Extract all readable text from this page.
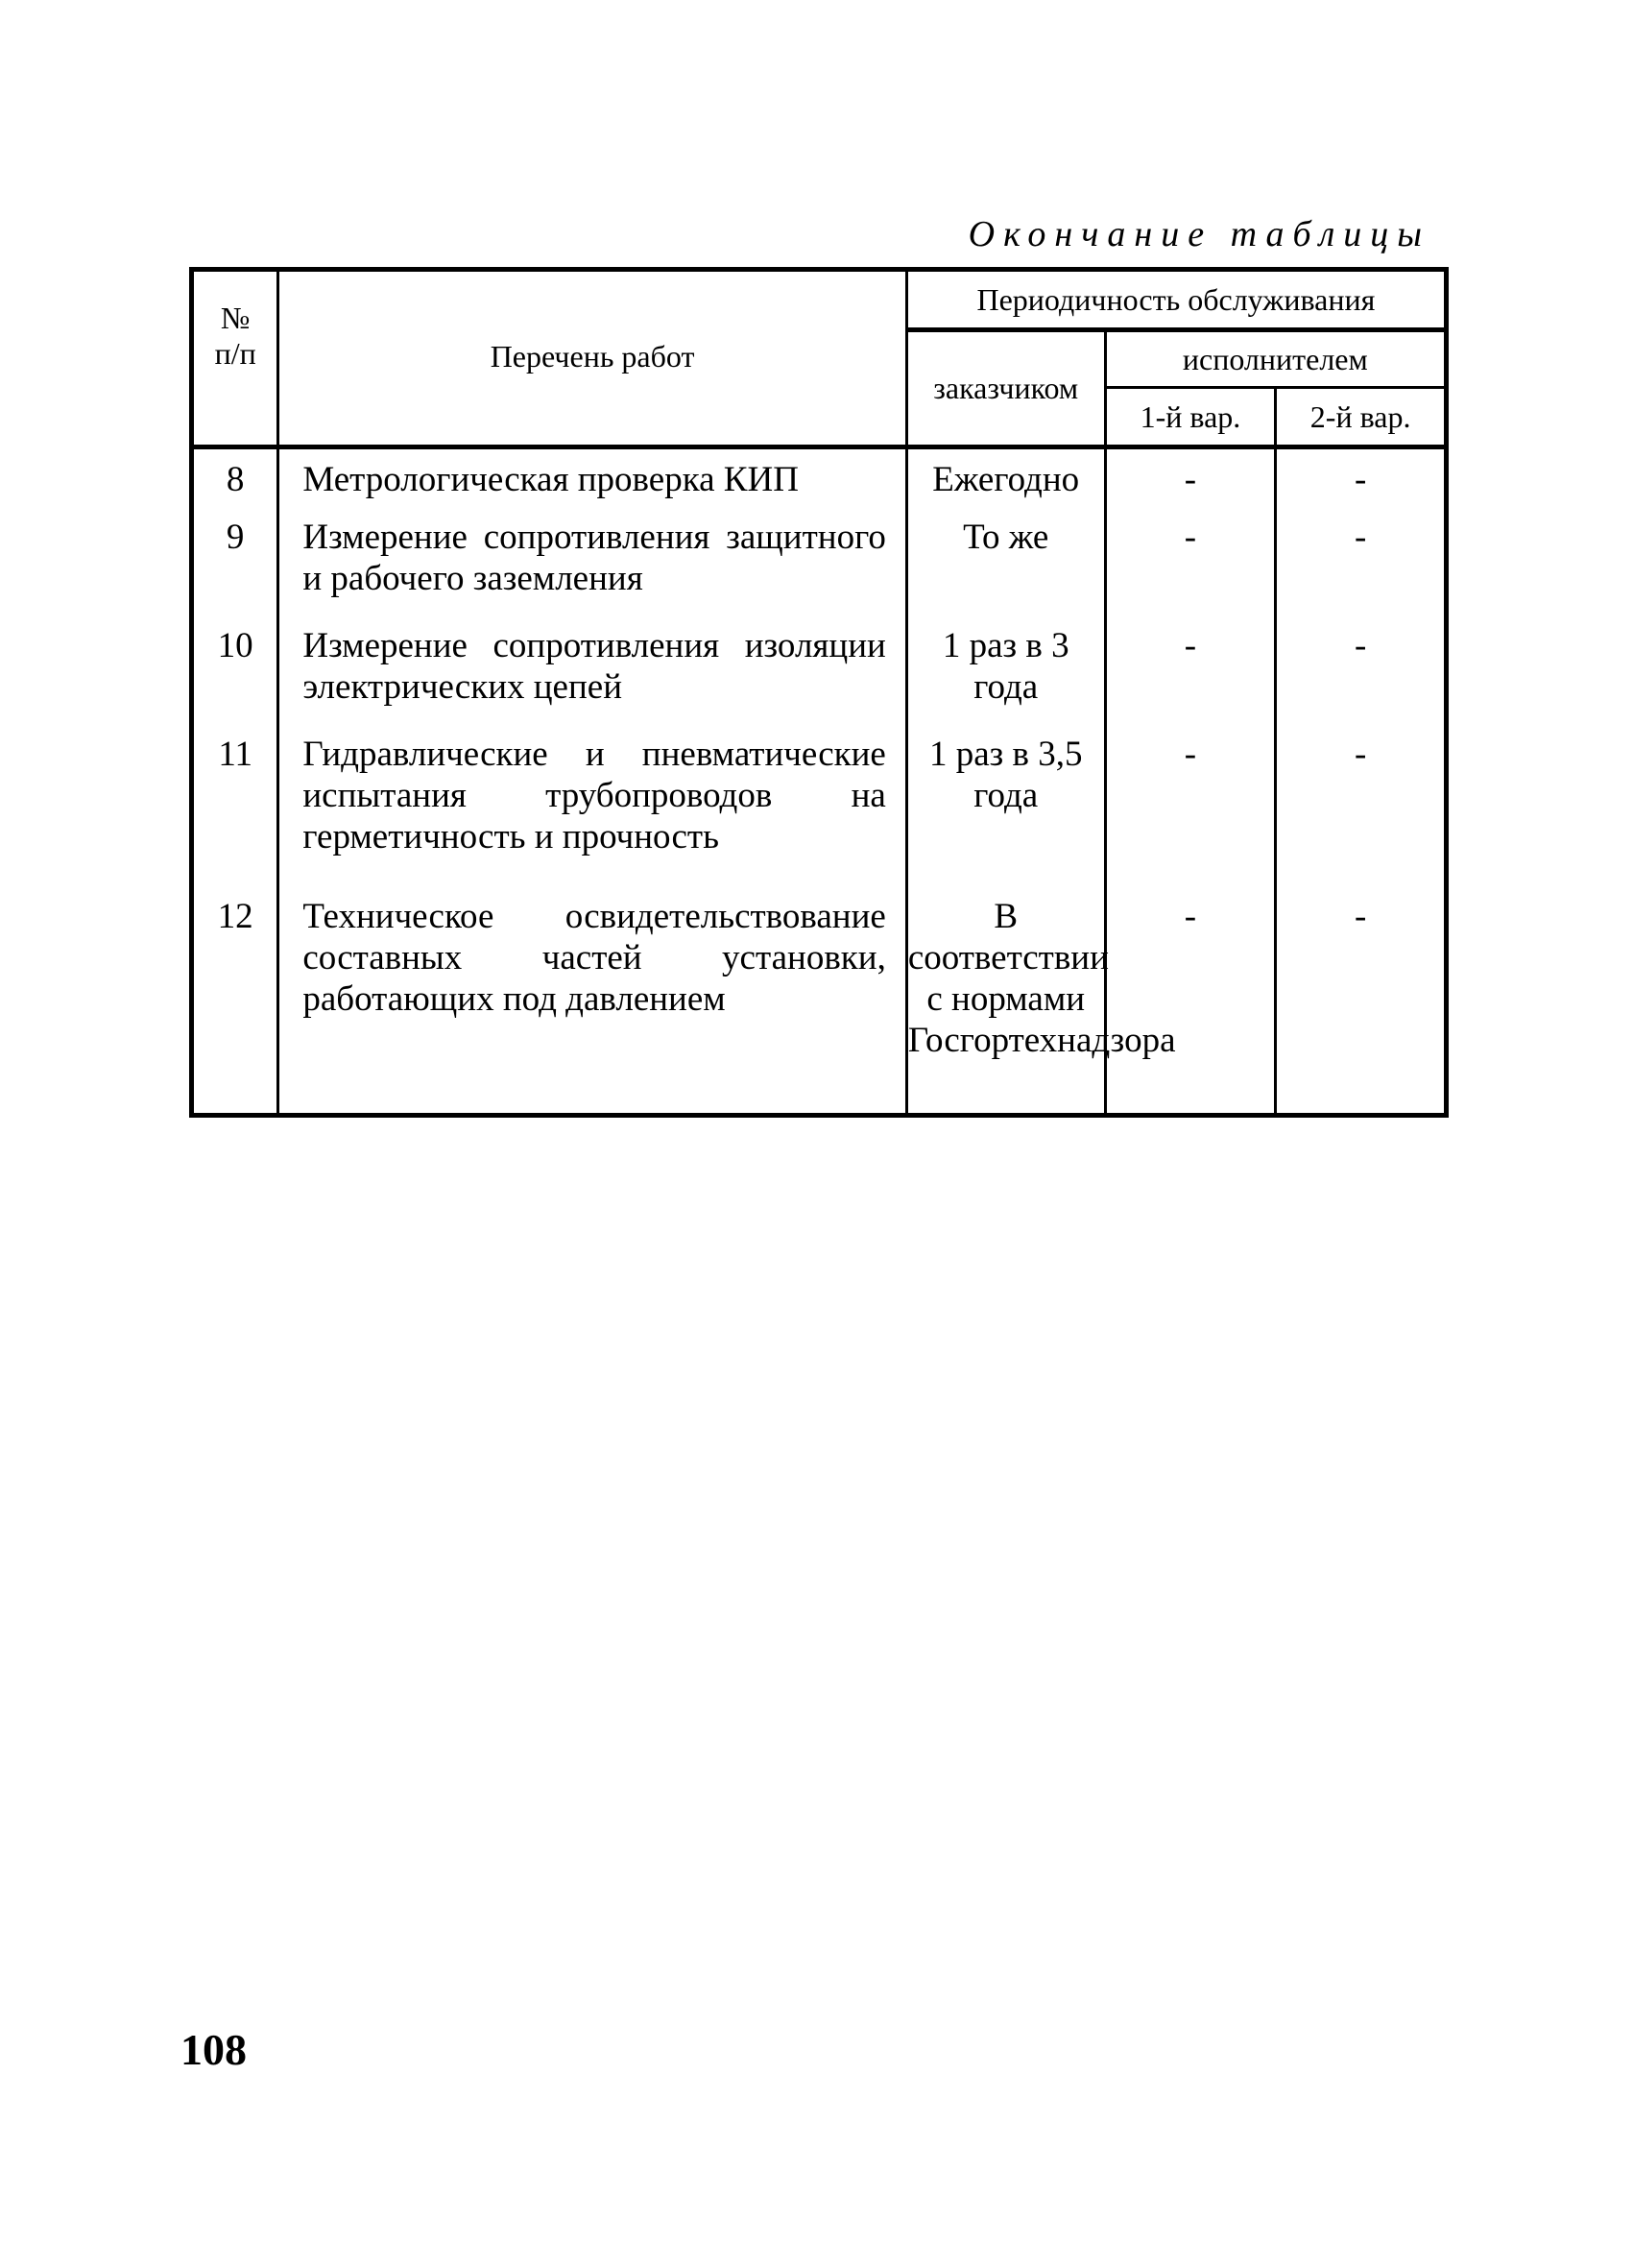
Окончание таблицы
№
п/п	Перечень работ	Периодичность обслуживания		
		заказчиком	исполнителем	
			1-й вар.	2-й вар.
8	Метрологическая проверка КИП	Ежегодно	-	-
9	Измерение сопротивления защитного и рабочего заземления	То же	-	-
10	Измерение сопротивления изоляции электрических цепей	1 раз в 3 года	-	-
11	Гидравлические и пневматические испытания трубопроводов на герметичность и прочность	1 раз в 3,5 года	-	-
12	Техническое освидетельствование составных частей установки, работающих под давлением	В соответствии с нормами Госгортехнадзора	-	-

108
